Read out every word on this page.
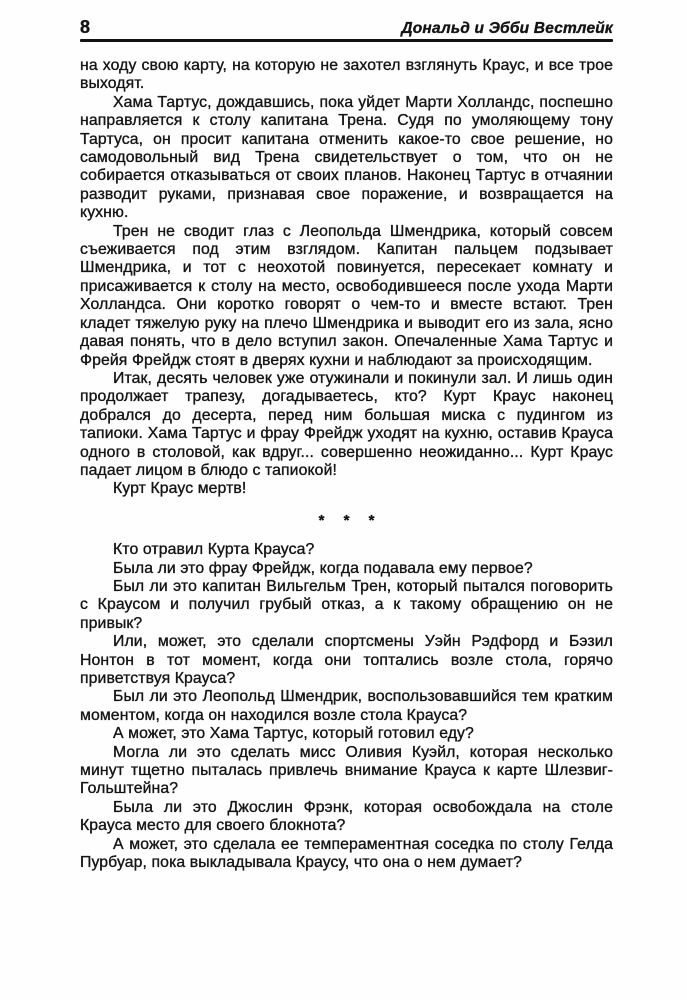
8	Дональд и Эбби Вестлейк

на ходу свою карту, на которую не захотел взглянуть Краус, и все трое выходят.

Хама Тартус, дождавшись, пока уйдет Марти Холландс, поспешно направляется к столу капитана Трена. Судя по умоляющему тону Тартуса, он просит капитана отменить какое-то свое решение, но самодовольный вид Трена свидетельствует о том, что он не собирается отказываться от своих планов. Наконец Тартус в отчаянии разводит руками, признавая свое поражение, и возвращается на кухню.

Трен не сводит глаз с Леопольда Шмендрика, который совсем съеживается под этим взглядом. Капитан пальцем подзывает Шмендрика, и тот с неохотой повинуется, пересекает комнату и присаживается к столу на место, освободившееся после ухода Марти Холландса. Они коротко говорят о чем-то и вместе встают. Трен кладет тяжелую руку на плечо Шмендрика и выводит его из зала, ясно давая понять, что в дело вступил закон. Опечаленные Хама Тартус и Фрейя Фрейдж стоят в дверях кухни и наблюдают за происходящим.

Итак, десять человек уже отужинали и покинули зал. И лишь один продолжает трапезу, догадываетесь, кто? Курт Краус наконец добрался до десерта, перед ним большая миска с пудингом из тапиоки. Хама Тартус и фрау Фрейдж уходят на кухню, оставив Крауса одного в столовой, как вдруг... совершенно неожиданно... Курт Краус падает лицом в блюдо с тапиокой!

Курт Краус мертв!

* * *

Кто отравил Курта Крауса?

Была ли это фрау Фрейдж, когда подавала ему первое?

Был ли это капитан Вильгельм Трен, который пытался поговорить с Краусом и получил грубый отказ, а к такому обращению он не привык?

Или, может, это сделали спортсмены Уэйн Рэдфорд и Бэзил Нонтон в тот момент, когда они топтались возле стола, горячо приветствуя Крауса?

Был ли это Леопольд Шмендрик, воспользовавшийся тем кратким моментом, когда он находился возле стола Крауса?

А может, это Хама Тартус, который готовил еду?

Могла ли это сделать мисс Оливия Куэйл, которая несколько минут тщетно пыталась привлечь внимание Крауса к карте Шлезвиг-Гольштейна?

Была ли это Джослин Фрэнк, которая освобождала на столе Крауса место для своего блокнота?

А может, это сделала ее темпераментная соседка по столу Гелда Пурбуар, пока выкладывала Краусу, что она о нем думает?
